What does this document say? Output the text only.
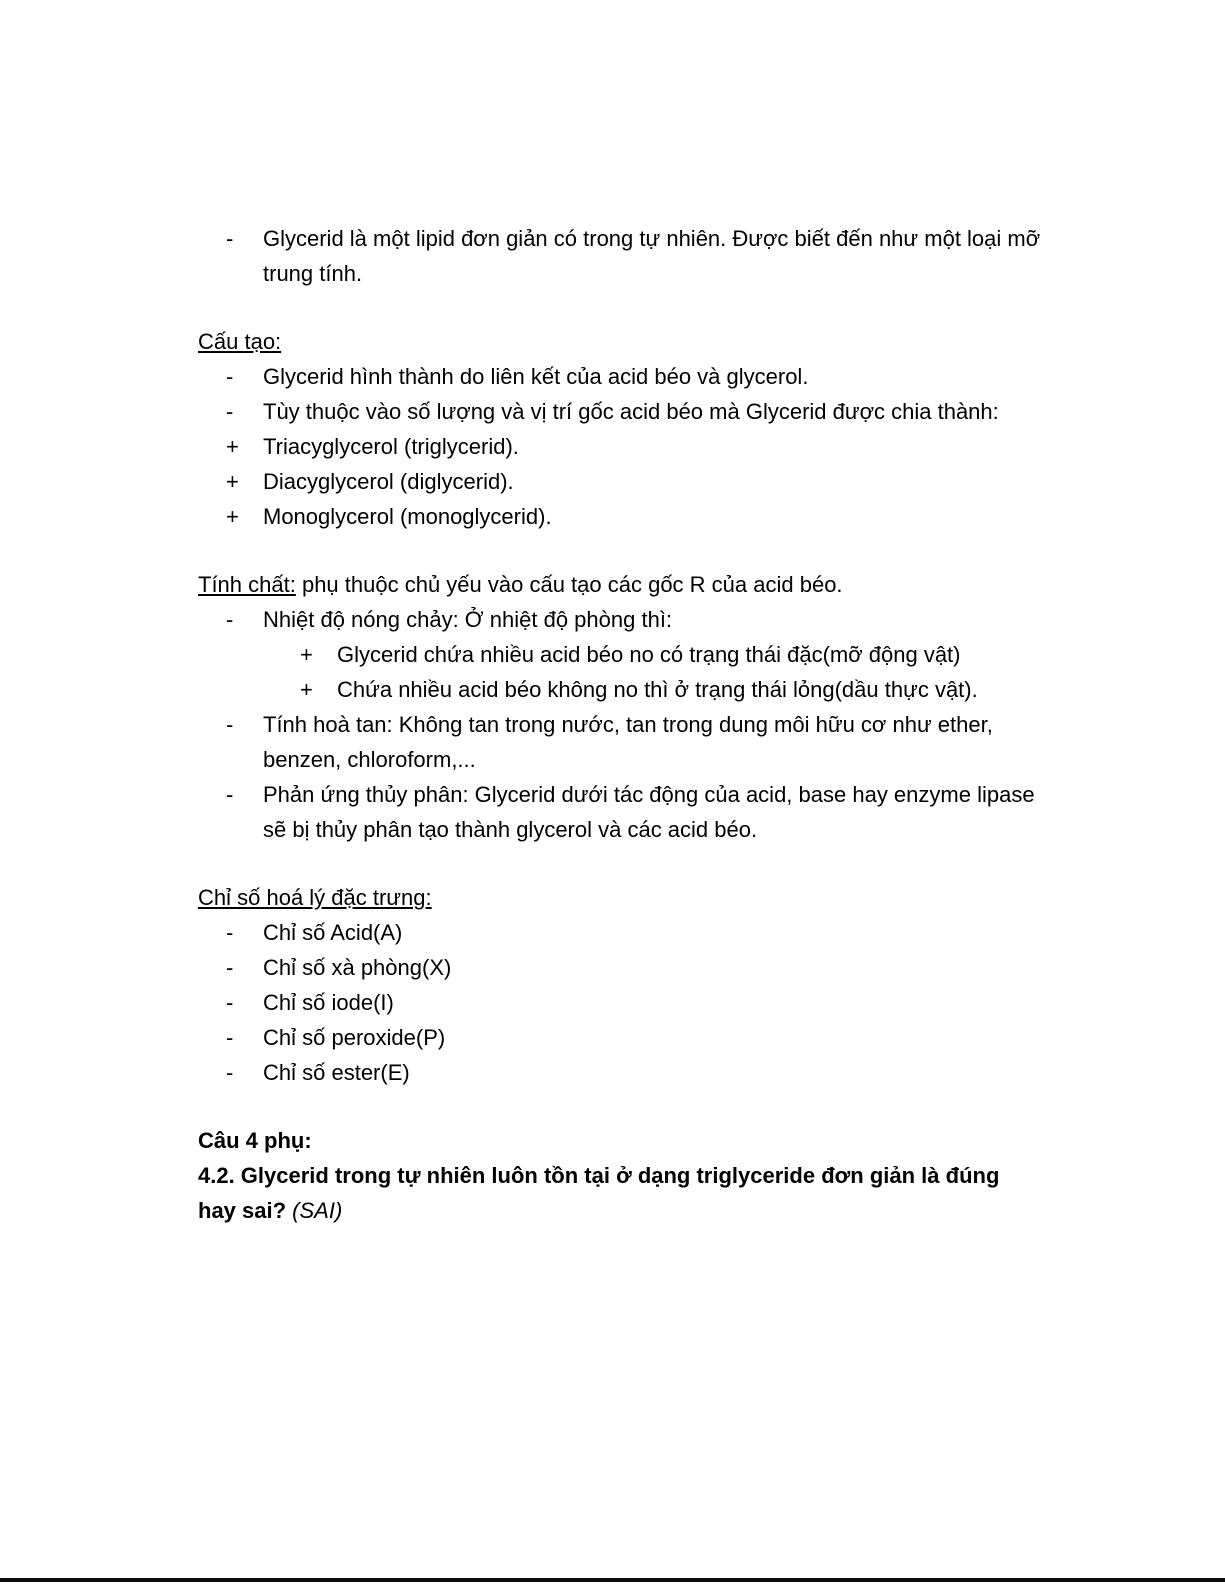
- Glycerid là một lipid đơn giản có trong tự nhiên. Được biết đến như một loại mỡ trung tính.
Cấu tạo:
- Glycerid hình thành do liên kết của acid béo và glycerol.
- Tùy thuộc vào số lượng và vị trí gốc acid béo mà Glycerid được chia thành:
+ Triacyglycerol (triglycerid).
+ Diacyglycerol (diglycerid).
+ Monoglycerol (monoglycerid).
Tính chất: phụ thuộc chủ yếu vào cấu tạo các gốc R của acid béo.
- Nhiệt độ nóng chảy: Ở nhiệt độ phòng thì:
+ Glycerid chứa nhiều acid béo no có trạng thái đặc(mỡ động vật)
+ Chứa nhiều acid béo không no thì ở trạng thái lỏng(dầu thực vật).
- Tính hoà tan: Không tan trong nước, tan trong dung môi hữu cơ như ether, benzen, chloroform,...
- Phản ứng thủy phân: Glycerid dưới tác động của acid, base hay enzyme lipase sẽ bị thủy phân tạo thành glycerol và các acid béo.
Chỉ số hoá lý đặc trưng:
- Chỉ số Acid(A)
- Chỉ số xà phòng(X)
- Chỉ số iode(I)
- Chỉ số peroxide(P)
- Chỉ số ester(E)
Câu 4 phụ:
4.2. Glycerid trong tự nhiên luôn tồn tại ở dạng triglyceride đơn giản là đúng hay sai? (SAI)
